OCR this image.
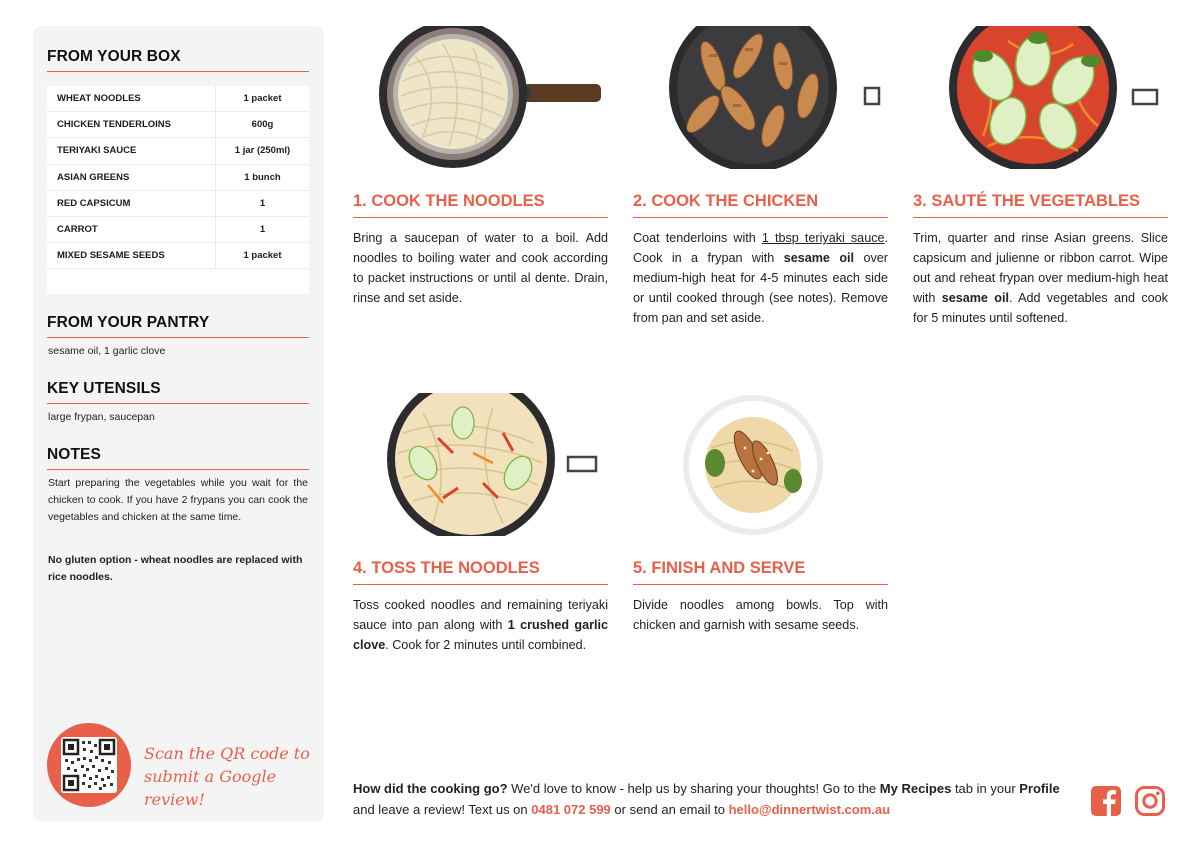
FROM YOUR BOX
WHEAT NOODLES	1 packet
CHICKEN TENDERLOINS	600g
TERIYAKI SAUCE	1 jar (250ml)
ASIAN GREENS	1 bunch
RED CAPSICUM	1
CARROT	1
MIXED SESAME SEEDS	1 packet
FROM YOUR PANTRY
sesame oil, 1 garlic clove
KEY UTENSILS
large frypan, saucepan
NOTES
Start preparing the vegetables while you wait for the chicken to cook. If you have 2 frypans you can cook the vegetables and chicken at the same time.
No gluten option - wheat noodles are replaced with rice noodles.
Scan the QR code to
submit a Google review!
1. COOK THE NOODLES
Bring a saucepan of water to a boil. Add noodles to boiling water and cook according to packet instructions or until al dente. Drain, rinse and set aside.
2. COOK THE CHICKEN
Coat tenderloins with 1 tbsp teriyaki sauce. Cook in a frypan with sesame oil over medium-high heat for 4-5 minutes each side or until cooked through (see notes). Remove from pan and set aside.
3. SAUTÉ THE VEGETABLES
Trim, quarter and rinse Asian greens. Slice capsicum and julienne or ribbon carrot. Wipe out and reheat frypan over medium-high heat with sesame oil. Add vegetables and cook for 5 minutes until softened.
4. TOSS THE NOODLES
Toss cooked noodles and remaining teriyaki sauce into pan along with 1 crushed garlic clove. Cook for 2 minutes until combined.
5. FINISH AND SERVE
Divide noodles among bowls. Top with chicken and garnish with sesame seeds.
How did the cooking go? We'd love to know - help us by sharing your thoughts! Go to the My Recipes tab in your Profile and leave a review! Text us on 0481 072 599 or send an email to hello@dinnertwist.com.au
